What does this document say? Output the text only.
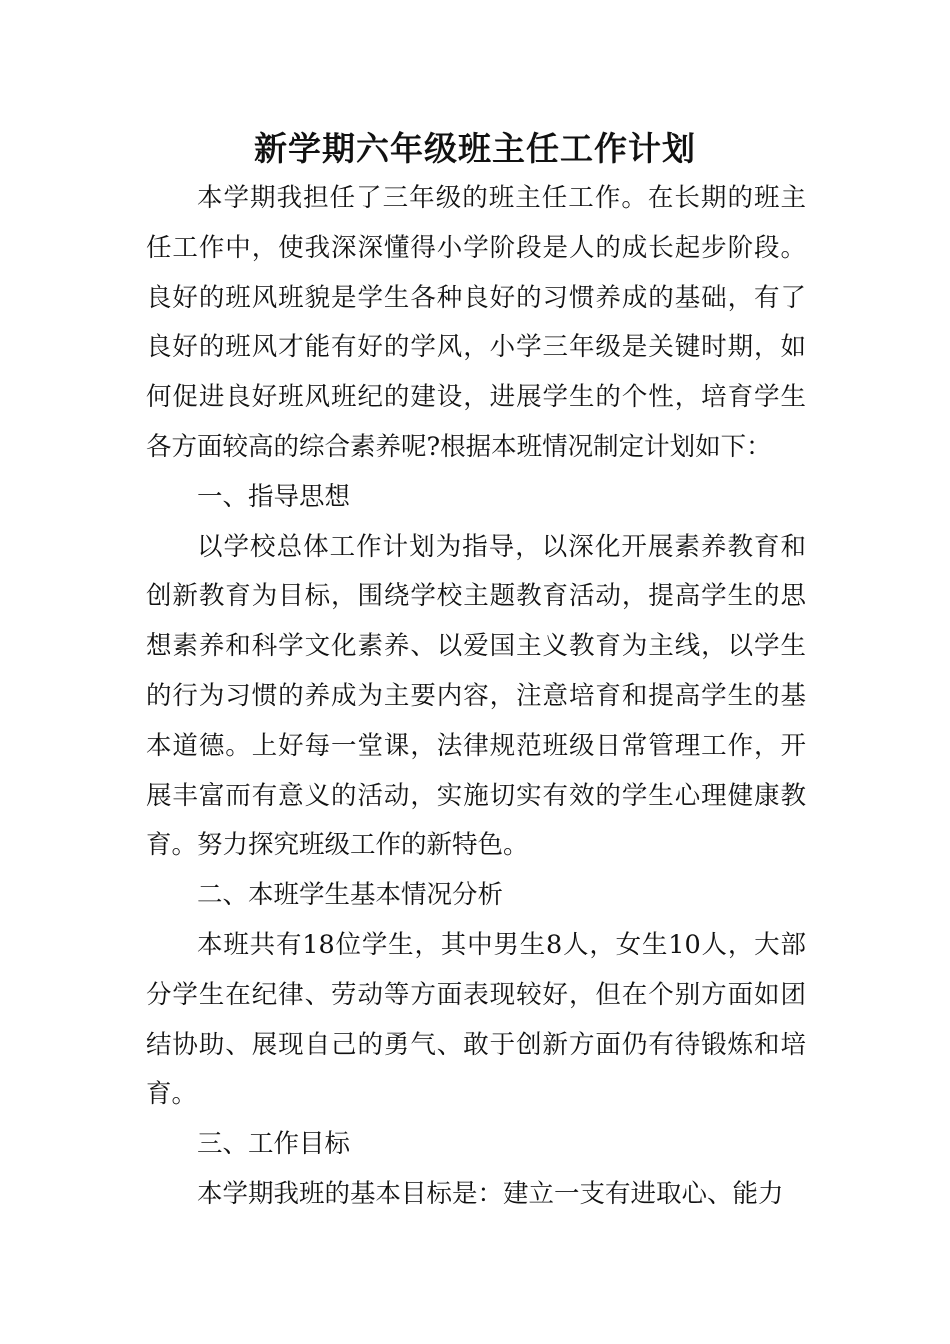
新学期六年级班主任工作计划

本学期我担任了三年级的班主任工作。在长期的班主任工作中，使我深深懂得小学阶段是人的成长起步阶段。良好的班风班貌是学生各种良好的习惯养成的基础，有了良好的班风才能有好的学风，小学三年级是关键时期，如何促进良好班风班纪的建设，进展学生的个性，培育学生各方面较高的综合素养呢?根据本班情况制定计划如下：

一、指导思想

以学校总体工作计划为指导，以深化开展素养教育和创新教育为目标，围绕学校主题教育活动，提高学生的思想素养和科学文化素养、以爱国主义教育为主线，以学生的行为习惯的养成为主要内容，注意培育和提高学生的基本道德。上好每一堂课，法律规范班级日常管理工作，开展丰富而有意义的活动，实施切实有效的学生心理健康教育。努力探究班级工作的新特色。

二、本班学生基本情况分析

本班共有18位学生，其中男生8人，女生10人，大部分学生在纪律、劳动等方面表现较好，但在个别方面如团结协助、展现自己的勇气、敢于创新方面仍有待锻炼和培育。

三、工作目标

本学期我班的基本目标是：建立一支有进取心、能力
